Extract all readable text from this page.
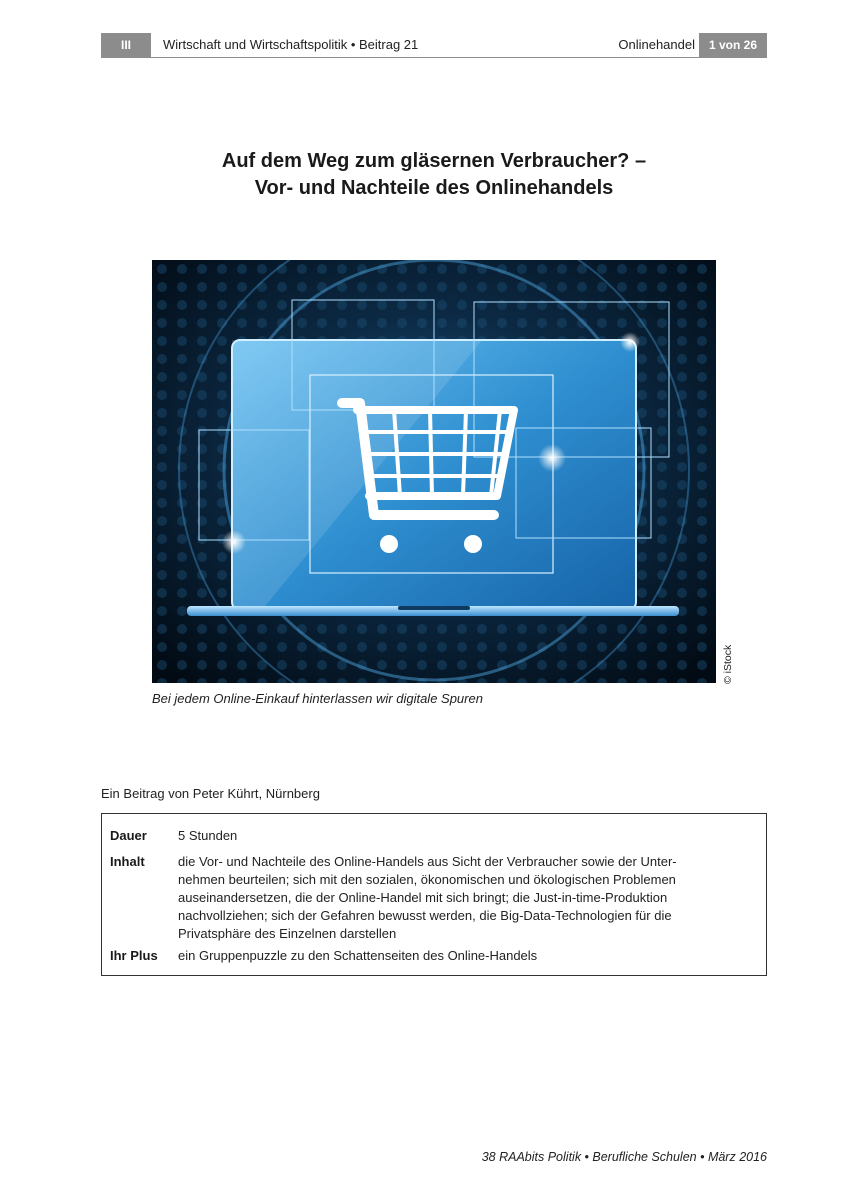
III	Wirtschaft und Wirtschaftspolitik • Beitrag 21	Onlinehandel	1 von 26
Auf dem Weg zum gläsernen Verbraucher? –
Vor- und Nachteile des Onlinehandels
© iStock
Bei jedem Online-Einkauf hinterlassen wir digitale Spuren
Ein Beitrag von Peter Kührt, Nürnberg
Dauer	5 Stunden
Inhalt	die Vor- und Nachteile des Online-Handels aus Sicht der Verbraucher sowie der Unter-
nehmen beurteilen; sich mit den sozialen, ökonomischen und ökologischen Problemen
auseinandersetzen, die der Online-Handel mit sich bringt; die Just-in-time-Produktion
nachvollziehen; sich der Gefahren bewusst werden, die Big-Data-Technologien für die
Privatsphäre des Einzelnen darstellen
Ihr Plus	ein Gruppenpuzzle zu den Schattenseiten des Online-Handels
38 RAAbits Politik • Berufliche Schulen • März 2016
